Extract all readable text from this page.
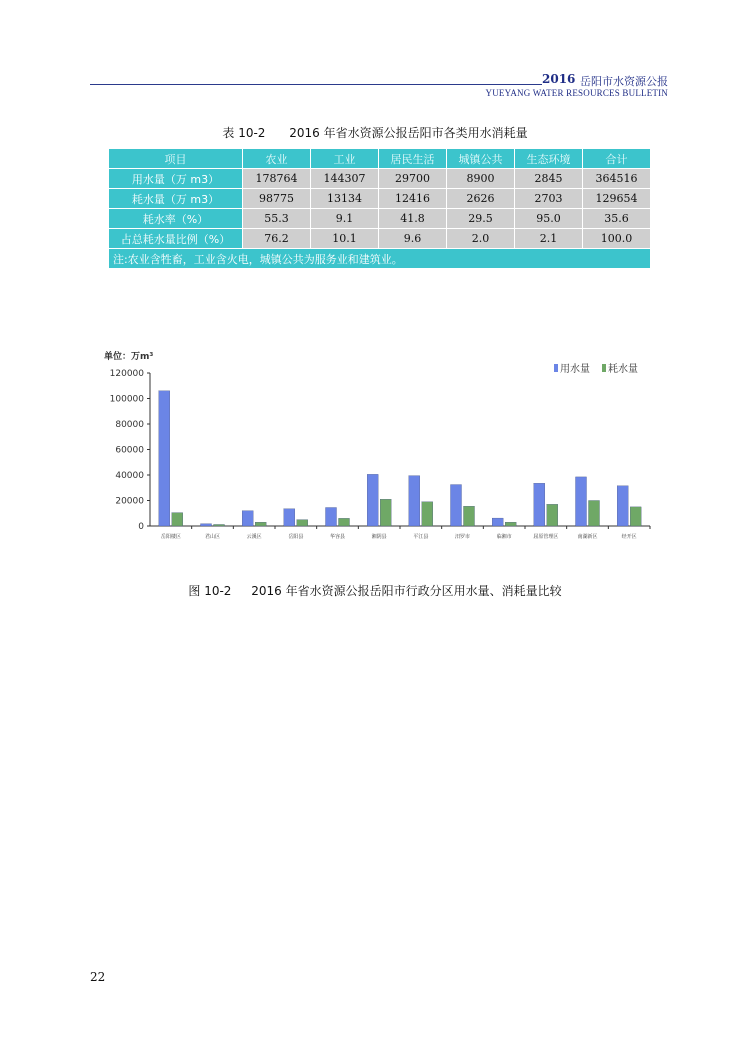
2016 岳阳市水资源公报
YUEYANG WATER RESOURCES BULLETIN
表 10-2 2016 年省水资源公报岳阳市各类用水消耗量
项目	农业	工业	居民生活	城镇公共	生态环境	合计
用水量（万 m3）	178764	144307	29700	8900	2845	364516
耗水量（万 m3）	98775	13134	12416	2626	2703	129654
耗水率（%）	55.3	9.1	41.8	29.5	95.0	35.6
占总耗水量比例（%）	76.2	10.1	9.6	2.0	2.1	100.0
注:农业含牲畜，工业含火电，城镇公共为服务业和建筑业。						
单位：万m³
0
20000
40000
60000
80000
100000
120000
岳阳楼区	君山区	云溪区	岳阳县	华容县	湘阴县	平江县	汨罗市	临湘市	屈原管理区	南湖新区	经开区
用水量 耗水量
图 10-2 2016 年省水资源公报岳阳市行政分区用水量、消耗量比较
22
